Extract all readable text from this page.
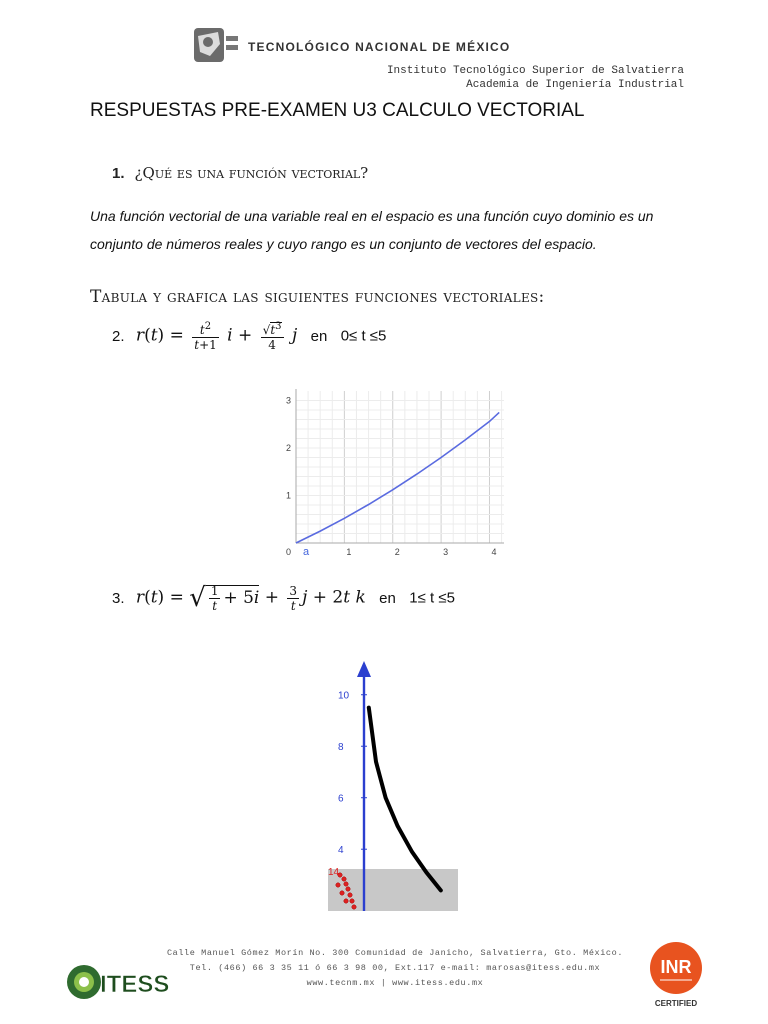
TECNOLÓGICO NACIONAL DE MÉXICO
Instituto Tecnológico Superior de Salvatierra
Academia de Ingeniería Industrial
RESPUESTAS PRE-EXAMEN U3 CALCULO VECTORIAL
1. ¿Qué es una función vectorial?
Una función vectorial de una variable real en el espacio es una función cuyo dominio es un conjunto de números reales y cuyo rango es un conjunto de vectores del espacio.
Tabula y grafica las siguientes funciones vectoriales:
2. $r(t) = \frac{t^2}{t+1}$ $i + \frac{√t^3}{4}$ j en 0≤ t ≤5
0	1	2	3	4
1
2
3
a
3. r(t) = √ $\frac{1}{t} + 5i + \frac{3}{t}$ j + 2t k en 1≤ t ≤5
4
6
8
10
14
Calle Manuel Gómez Morín No. 300 Comunidad de Janicho, Salvatierra, Gto. México.
Tel. (466) 66 3 35 11 ó 66 3 98 00, Ext.117 e-mail: marosas@itess.edu.mx
www.tecnm.mx | www.itess.edu.mx
ITESS
INR
CERTIFIED
